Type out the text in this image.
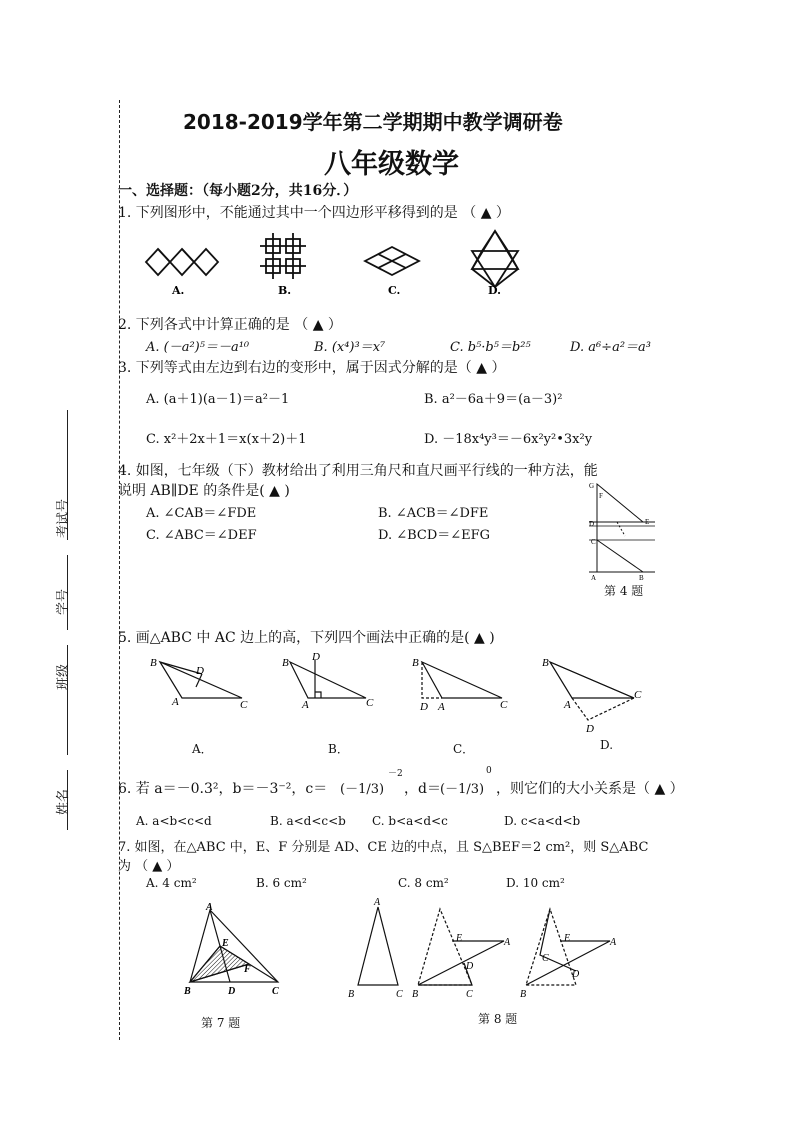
考试号
学号
班级
姓名
2018-2019学年第二学期期中教学调研卷
八年级数学
一、选择题：（每小题2分，共16分．）
1. 下列图形中，不能通过其中一个四边形平移得到的是 （ ▲ ）
A.	B.	C.	D.
2. 下列各式中计算正确的是 （ ▲ ）
A. (－a²)⁵＝－a¹⁰	B. (x⁴)³＝x⁷	C. b⁵·b⁵＝b²⁵	D. a⁶÷a²＝a³
3. 下列等式由左边到右边的变形中，属于因式分解的是（ ▲ ）
A. (a＋1)(a－1)＝a²－1	B. a²－6a＋9＝(a－3)²
C. x²＋2x＋1＝x(x＋2)＋1	D. －18x⁴y³＝－6x²y²•3x²y
4. 如图，七年级（下）教材给出了利用三角尺和直尺画平行线的一种方法，能
说明 AB∥DE 的条件是( ▲ )
A. ∠CAB＝∠FDE	B. ∠ACB＝∠DFE
C. ∠ABC＝∠DEF	D. ∠BCD＝∠EFG
G
F
D	E
C
A	B
第 4 题
5. 画△ABC 中 AC 边上的高，下列四个画法中正确的是( ▲ )
B
D
A	C
B D
A	C
B
D A	C
B
D
A
C
A．	B．	C．	D.
6. 若 a＝－0.3²，b＝－3⁻²，c＝ (－1/3)
－2
，d＝ (－1/3)
0
，则它们的大小关系是（ ▲ ）
A. a<b<c<d	B. a<d<c<b C. b<a<d<c	D. c<a<d<b
7. 如图，在△ABC 中，E、F 分别是 AD、CE 边的中点，且 S△BEF＝2 cm²，则 S△ABC
为 （ ▲ ）
A. 4 cm²	B. 6 cm²	C. 8 cm²	D. 10 cm²
A
E
F
B	D	C
第 7 题
A
B	C
E	A
D
B	C
E	A
C
D
B
第 8 题
